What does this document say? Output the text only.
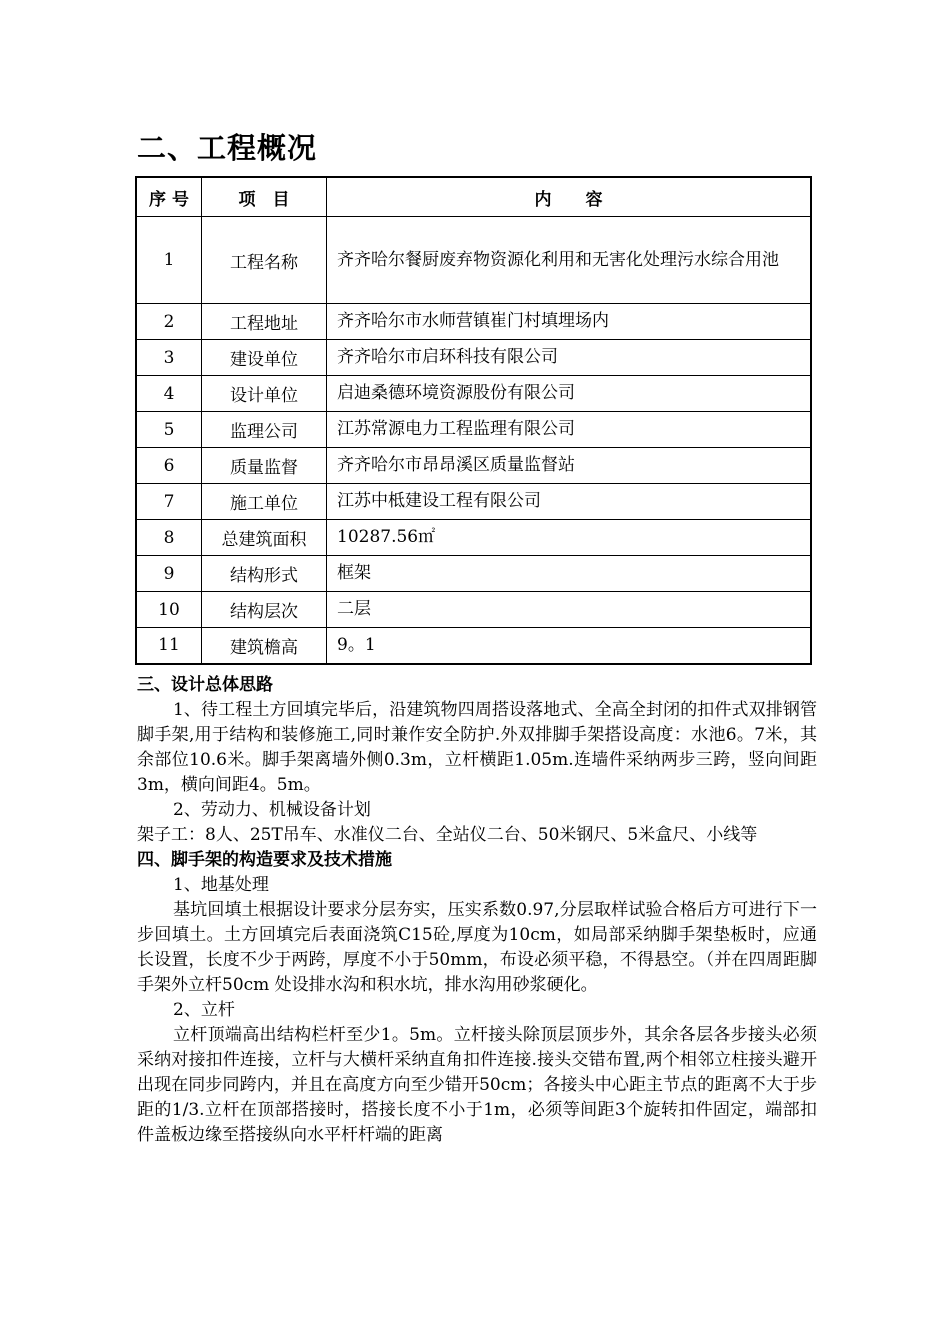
二、工程概况
序 号	项　目	内　　容
1	工程名称	齐齐哈尔餐厨废弃物资源化利用和无害化处理污水综合用池
2	工程地址	齐齐哈尔市水师营镇崔门村填埋场内
3	建设单位	齐齐哈尔市启环科技有限公司
4	设计单位	启迪桑德环境资源股份有限公司
5	监理公司	江苏常源电力工程监理有限公司
6	质量监督	齐齐哈尔市昂昂溪区质量监督站
7	施工单位	江苏中柢建设工程有限公司
8	总建筑面积	10287.56㎡
9	结构形式	框架
10	结构层次	二层
11	建筑檐高	9。1

三、设计总体思路

1、待工程土方回填完毕后，沿建筑物四周搭设落地式、全高全封闭的扣件式双排钢管脚手架,用于结构和装修施工,同时兼作安全防护.外双排脚手架搭设高度：水池6。7米，其余部位10.6米。脚手架离墙外侧0.3m，立杆横距1.05m.连墙件采纳两步三跨，竖向间距3m，横向间距4。5m。

2、劳动力、机械设备计划

架子工：8人、25T吊车、水准仪二台、全站仪二台、50米钢尺、5米盒尺、小线等

四、脚手架的构造要求及技术措施

1、地基处理

基坑回填土根据设计要求分层夯实，压实系数0.97,分层取样试验合格后方可进行下一步回填土。土方回填完后表面浇筑C15砼,厚度为10cm，如局部采纳脚手架垫板时，应通长设置，长度不少于两跨，厚度不小于50mm，布设必须平稳，不得悬空。（并在四周距脚手架外立杆50cm 处设排水沟和积水坑，排水沟用砂浆硬化。

2、立杆

立杆顶端高出结构栏杆至少1。5m。立杆接头除顶层顶步外，其余各层各步接头必须采纳对接扣件连接，立杆与大横杆采纳直角扣件连接.接头交错布置,两个相邻立柱接头避开出现在同步同跨内，并且在高度方向至少错开50cm；各接头中心距主节点的距离不大于步距的1/3.立杆在顶部搭接时，搭接长度不小于1m，必须等间距3个旋转扣件固定，端部扣件盖板边缘至搭接纵向水平杆杆端的距离
